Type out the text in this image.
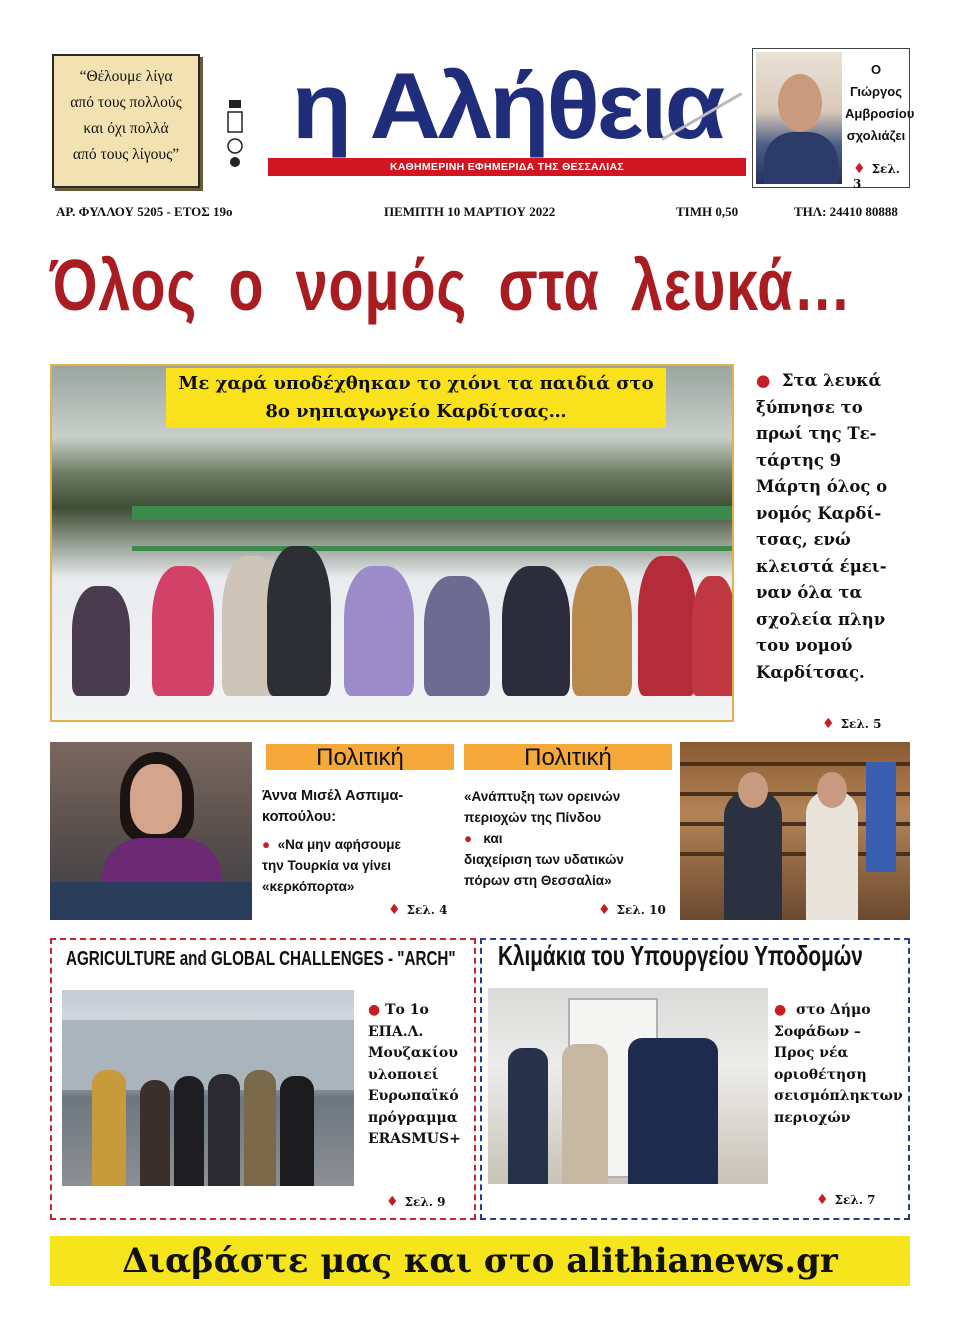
“Θέλουμε λίγα
από τους πολλούς
και όχι πολλά
από τους λίγους”	η Αλήθεια
ΚΑΘΗΜΕΡΙΝΗ ΕΦΗΜΕΡΙΔΑ ΤΗΣ ΘΕΣΣΑΛΙΑΣ
Ο Γιώργος
Αμβροσίου
σχολιάζει
♦ Σελ. 3
ΑΡ. ΦΥΛΛΟΥ 5205 - ΕΤΟΣ 19ο	ΠΕΜΠΤΗ 10 ΜΑΡΤΙΟΥ 2022	ΤΙΜΗ 0,50	ΤΗΛ: 24410 80888
Όλος ο νομός στα λευκά…
Με χαρά υποδέχθηκαν το χιόνι τα παιδιά στο
8ο νηπιαγωγείο Καρδίτσας…
●  Στα λευκά
ξύπνησε το
πρωί της Τε-
τάρτης 9
Μάρτη όλος ο
νομός Καρδί-
τσας, ενώ
κλειστά έμει-
ναν όλα τα
σχολεία πλην
του νομού
Καρδίτσας.
♦ Σελ. 5
Πολιτική
Άννα Μισέλ Ασπιμα-
κοπούλου:
●  «Να μην αφήσουμε
την Τουρκία να γίνει
«κερκόπορτα»
♦ Σελ. 4
Πολιτική
«Ανάπτυξη των ορεινών
περιοχών της Πίνδου
●   και
διαχείριση των υδατικών
πόρων στη Θεσσαλία»
♦ Σελ. 10
AGRICULTURE and GLOBAL CHALLENGES - "ARCH"
● Το 1ο
ΕΠΑ.Λ.
Μουζακίου
υλοποιεί
Ευρωπαϊκό
πρόγραμμα
ERASMUS+
♦ Σελ. 9
Κλιμάκια του Υπουργείου Υποδομών
●  στο Δήμο
Σοφάδων –
Προς νέα
οριοθέτηση
σεισμόπληκτων
περιοχών
♦ Σελ. 7
Διαβάστε μας και στο alithianews.gr
